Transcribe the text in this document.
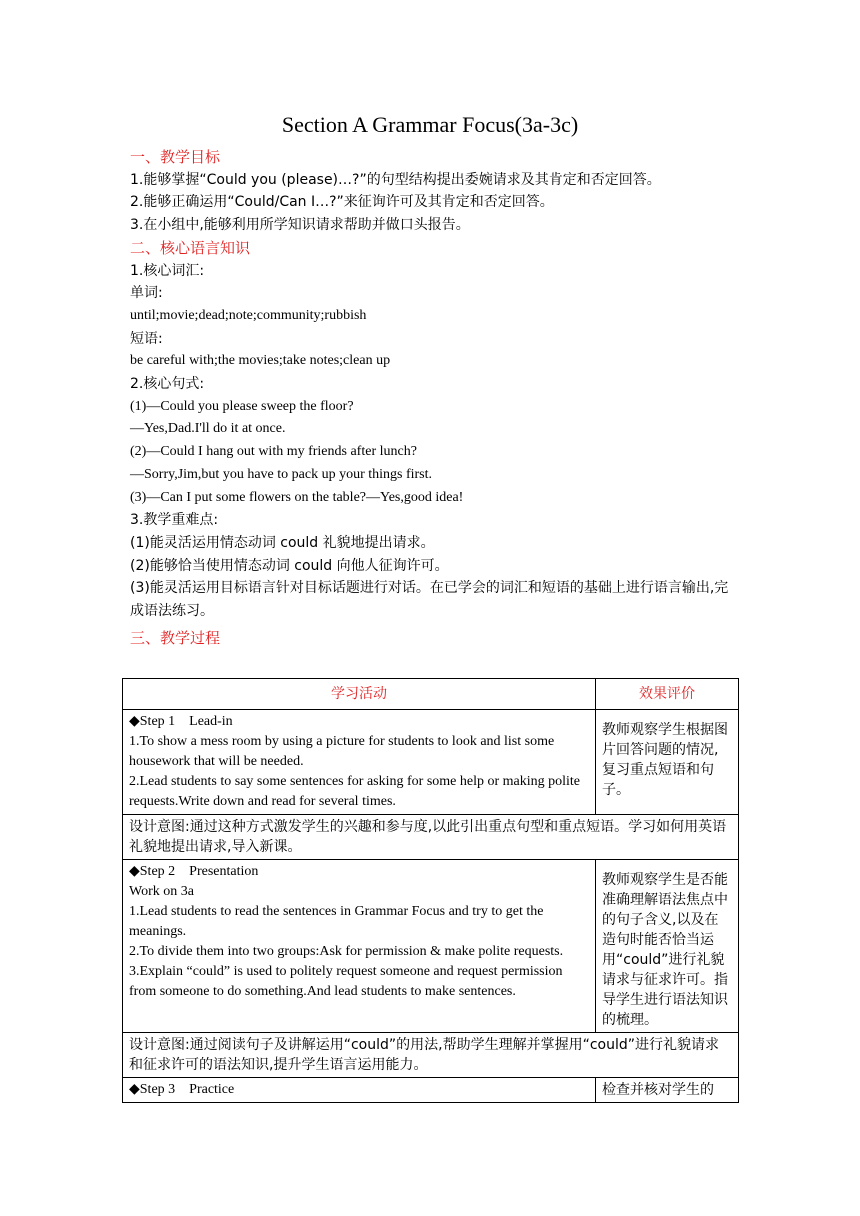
Section A Grammar Focus(3a-3c)
一、教学目标
1.能够掌握“Could you (please)…?”的句型结构提出委婉请求及其肯定和否定回答。
2.能够正确运用“Could/Can I…?”来征询许可及其肯定和否定回答。
3.在小组中,能够利用所学知识请求帮助并做口头报告。
二、核心语言知识
1.核心词汇:
单词:
until;movie;dead;note;community;rubbish
短语:
be careful with;the movies;take notes;clean up
2.核心句式:
(1)—Could you please sweep the floor?
—Yes,Dad.I'll do it at once.
(2)—Could I hang out with my friends after lunch?
—Sorry,Jim,but you have to pack up your things first.
(3)—Can I put some flowers on the table?—Yes,good idea!
3.教学重难点:
(1)能灵活运用情态动词 could 礼貌地提出请求。
(2)能够恰当使用情态动词 could 向他人征询许可。
(3)能灵活运用目标语言针对目标话题进行对话。在已学会的词汇和短语的基础上进行语言输出,完成语法练习。
三、教学过程
学习活动	效果评价

◆Step 1　Lead-in
1.To show a mess room by using a picture for students to look and list some housework that will be needed.
2.Lead students to say some sentences for asking for some help or making polite requests.Write down and read for several times.	教师观察学生根据图片回答问题的情况,复习重点短语和句子。
设计意图:通过这种方式激发学生的兴趣和参与度,以此引出重点句型和重点短语。学习如何用英语礼貌地提出请求,导入新课。	

◆Step 2　Presentation
Work on 3a
1.Lead students to read the sentences in Grammar Focus and try to get the meanings.
2.To divide them into two groups:Ask for permission & make polite requests.
3.Explain “could” is used to politely request someone and request permission from someone to do something.And lead students to make sentences.	教师观察学生是否能准确理解语法焦点中的句子含义,以及在造句时能否恰当运用“could”进行礼貌请求与征求许可。指导学生进行语法知识的梳理。
设计意图:通过阅读句子及讲解运用“could”的用法,帮助学生理解并掌握用“could”进行礼貌请求和征求许可的语法知识,提升学生语言运用能力。	

◆Step 3　Practice	检查并核对学生的
